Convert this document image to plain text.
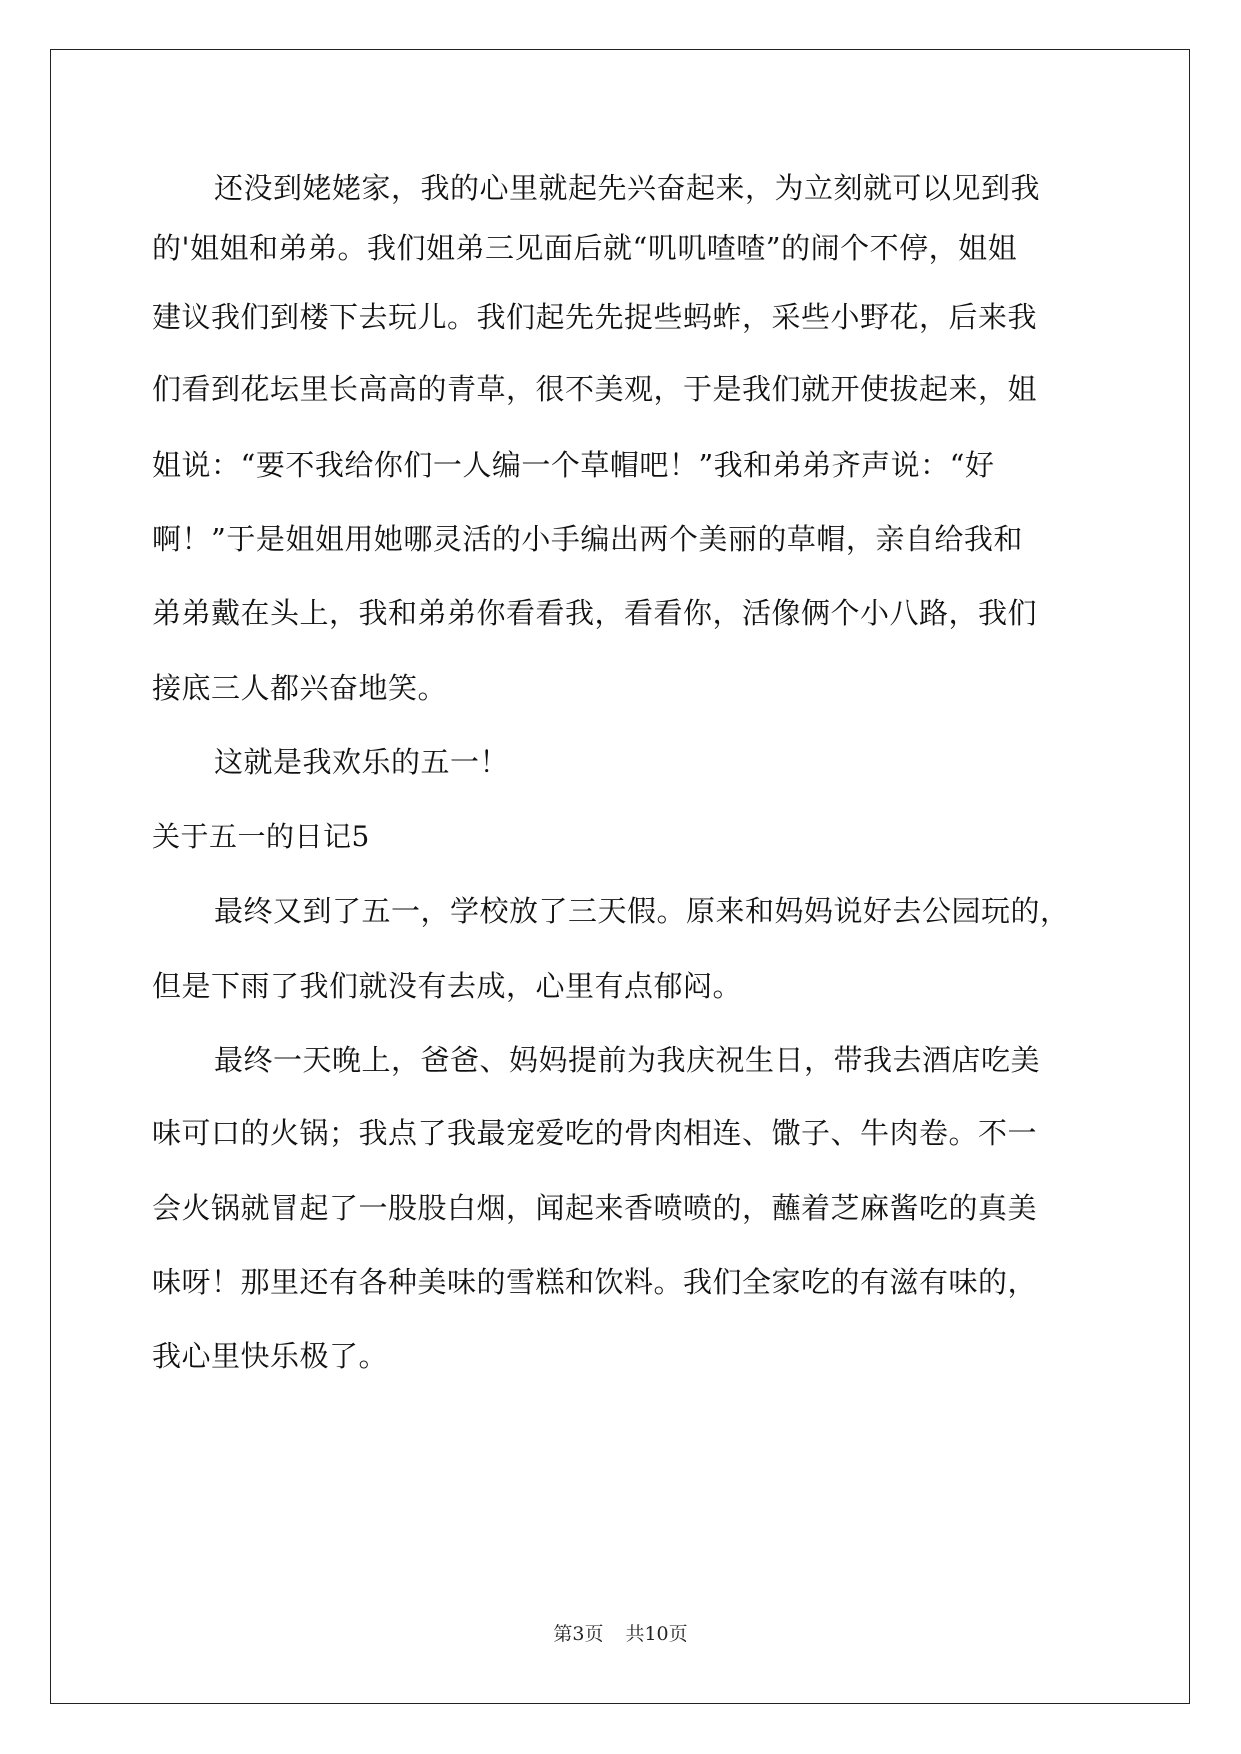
还没到姥姥家，我的心里就起先兴奋起来，为立刻就可以见到我
的'姐姐和弟弟。我们姐弟三见面后就“叽叽喳喳”的闹个不停，姐姐
建议我们到楼下去玩儿。我们起先先捉些蚂蚱，采些小野花，后来我
们看到花坛里长高高的青草，很不美观，于是我们就开使拔起来，姐
姐说：“要不我给你们一人编一个草帽吧！”我和弟弟齐声说：“好
啊！”于是姐姐用她哪灵活的小手编出两个美丽的草帽，亲自给我和
弟弟戴在头上，我和弟弟你看看我，看看你，活像俩个小八路，我们
接底三人都兴奋地笑。
这就是我欢乐的五一！
关于五一的日记5
最终又到了五一，学校放了三天假。原来和妈妈说好去公园玩的，
但是下雨了我们就没有去成，心里有点郁闷。
最终一天晚上，爸爸、妈妈提前为我庆祝生日，带我去酒店吃美
味可口的火锅；我点了我最宠爱吃的骨肉相连、馓子、牛肉卷。不一
会火锅就冒起了一股股白烟，闻起来香喷喷的，蘸着芝麻酱吃的真美
味呀！那里还有各种美味的雪糕和饮料。我们全家吃的有滋有味的，
我心里快乐极了。
第3页 共10页
